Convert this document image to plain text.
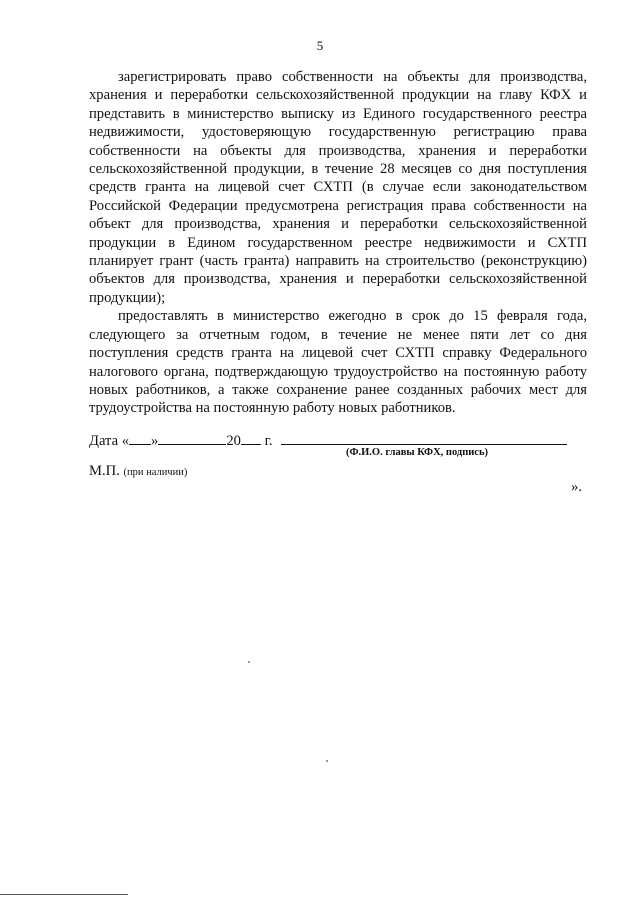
5

зарегистрировать право собственности на объекты для производства, хранения и переработки сельскохозяйственной продукции на главу КФХ и представить в министерство выписку из Единого государственного реестра недвижимости, удостоверяющую государственную регистрацию права собственности на объекты для производства, хранения и переработки сельскохозяйственной продукции, в течение 28 месяцев со дня поступления средств гранта на лицевой счет СХТП (в случае если законодательством Российской Федерации предусмотрена регистрация права собственности на объект для производства, хранения и переработки сельскохозяйственной продукции в Едином государственном реестре недвижимости и СХТП планирует грант (часть гранта) направить на строительство (реконструкцию) объектов для производства, хранения и переработки сельскохозяйственной продукции);

предоставлять в министерство ежегодно в срок до 15 февраля года, следующего за отчетным годом, в течение не менее пяти лет со дня поступления средств гранта на лицевой счет СХТП справку Федерального налогового органа, подтверждающую трудоустройство на постоянную работу новых работников, а также сохранение ранее созданных рабочих мест для трудоустройства на постоянную работу новых работников.

Дата « »	20 г.
(Ф.И.О. главы КФХ, подпись)
М.П. (при наличии)
».
